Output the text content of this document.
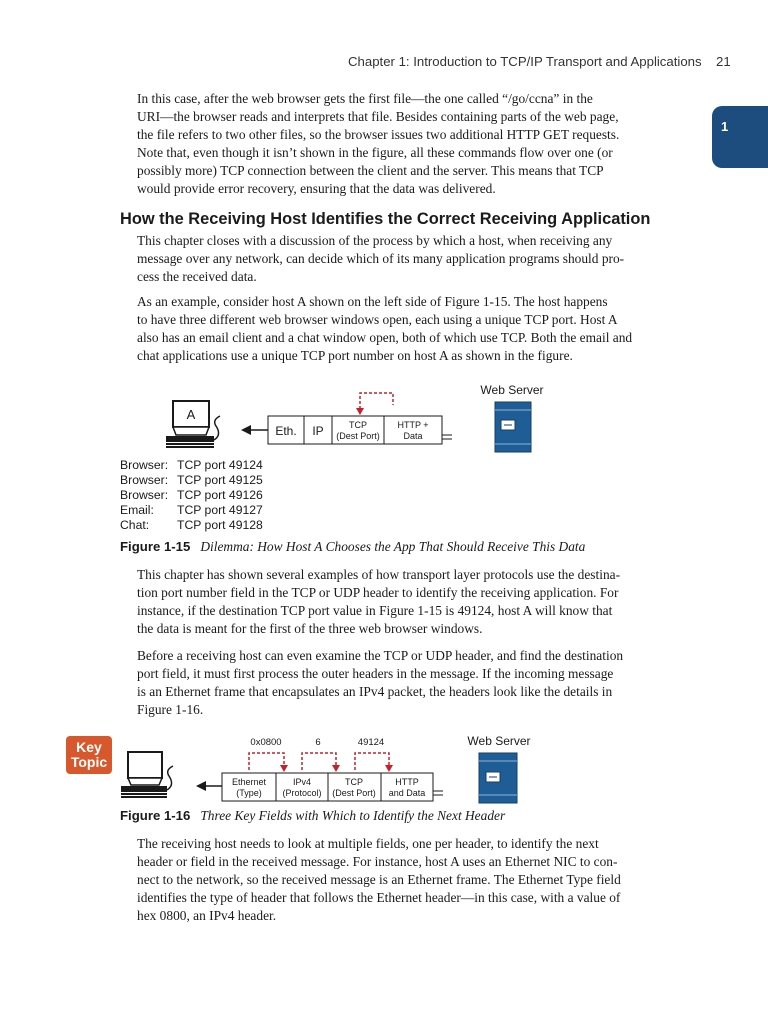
Chapter 1: Introduction to TCP/IP Transport and Applications 21
1
In this case, after the web browser gets the first file—the one called “/go/ccna” in the
URI—the browser reads and interprets that file. Besides containing parts of the web page,
the file refers to two other files, so the browser issues two additional HTTP GET requests.
Note that, even though it isn’t shown in the figure, all these commands flow over one (or
possibly more) TCP connection between the client and the server. This means that TCP
would provide error recovery, ensuring that the data was delivered.
How the Receiving Host Identifies the Correct Receiving Application
This chapter closes with a discussion of the process by which a host, when receiving any
message over any network, can decide which of its many application programs should pro-
cess the received data.
As an example, consider host A shown on the left side of Figure 1-15. The host happens
to have three different web browser windows open, each using a unique TCP port. Host A
also has an email client and a chat window open, both of which use TCP. Both the email and
chat applications use a unique TCP port number on host A as shown in the figure.
A
Eth. IP	TCP
(Dest Port)
HTTP +
Data
Web Server
Browser: TCP port 49124
Browser: TCP port 49125
Browser: TCP port 49126
Email: TCP port 49127
Chat: TCP port 49128
Figure 1-15 Dilemma: How Host A Chooses the App That Should Receive This Data
This chapter has shown several examples of how transport layer protocols use the destina-
tion port number field in the TCP or UDP header to identify the receiving application. For
instance, if the destination TCP port value in Figure 1-15 is 49124, host A will know that
the data is meant for the first of the three web browser windows.
Before a receiving host can even examine the TCP or UDP header, and find the destination
port field, it must first process the outer headers in the message. If the incoming message
is an Ethernet frame that encapsulates an IPv4 packet, the headers look like the details in
Figure 1-16.
Key
Topic
0x0800	6	49124
Ethernet
(Type)
IPv4
(Protocol)
TCP
(Dest Port)
HTTP
and Data
Web Server
Figure 1-16 Three Key Fields with Which to Identify the Next Header
The receiving host needs to look at multiple fields, one per header, to identify the next
header or field in the received message. For instance, host A uses an Ethernet NIC to con-
nect to the network, so the received message is an Ethernet frame. The Ethernet Type field
identifies the type of header that follows the Ethernet header—in this case, with a value of
hex 0800, an IPv4 header.
